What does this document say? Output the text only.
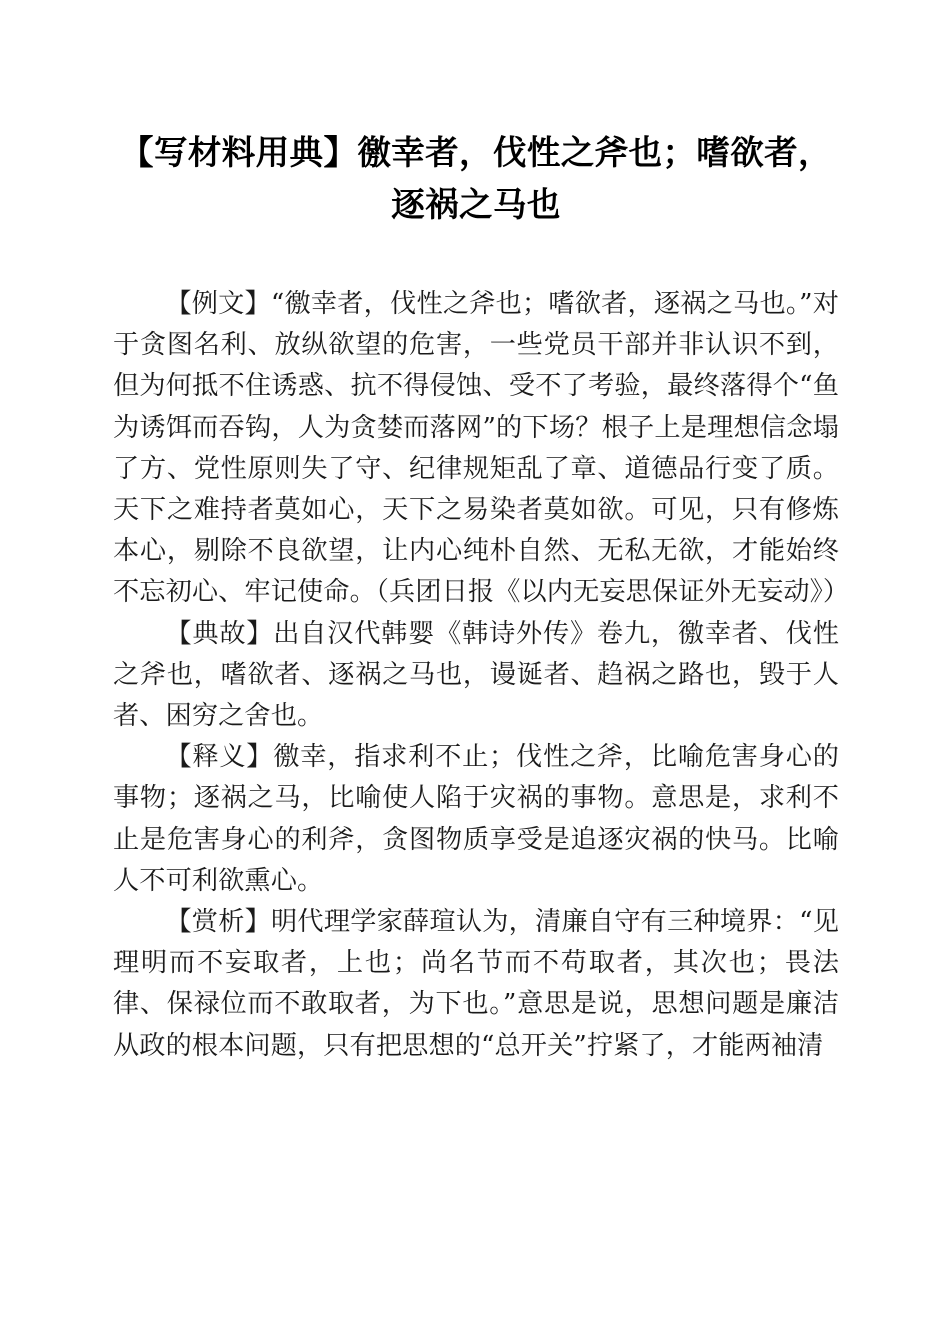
【写材料用典】徼幸者，伐性之斧也；嗜欲者，逐祸之马也

【例文】“徼幸者，伐性之斧也；嗜欲者，逐祸之马也。”对于贪图名利、放纵欲望的危害，一些党员干部并非认识不到，但为何抵不住诱惑、抗不得侵蚀、受不了考验，最终落得个“鱼为诱饵而吞钩，人为贪婪而落网”的下场？根子上是理想信念塌了方、党性原则失了守、纪律规矩乱了章、道德品行变了质。天下之难持者莫如心，天下之易染者莫如欲。可见，只有修炼本心，剔除不良欲望，让内心纯朴自然、无私无欲，才能始终不忘初心、牢记使命。（兵团日报《以内无妄思保证外无妄动》）

【典故】出自汉代韩婴《韩诗外传》卷九，徼幸者、伐性之斧也，嗜欲者、逐祸之马也，谩诞者、趋祸之路也，毁于人者、困穷之舍也。

【释义】徼幸，指求利不止；伐性之斧，比喻危害身心的事物；逐祸之马，比喻使人陷于灾祸的事物。意思是，求利不止是危害身心的利斧，贪图物质享受是追逐灾祸的快马。比喻人不可利欲熏心。

【赏析】明代理学家薛瑄认为，清廉自守有三种境界：“见理明而不妄取者，上也；尚名节而不苟取者，其次也；畏法律、保禄位而不敢取者，为下也。”意思是说，思想问题是廉洁从政的根本问题，只有把思想的“总开关”拧紧了，才能两袖清
